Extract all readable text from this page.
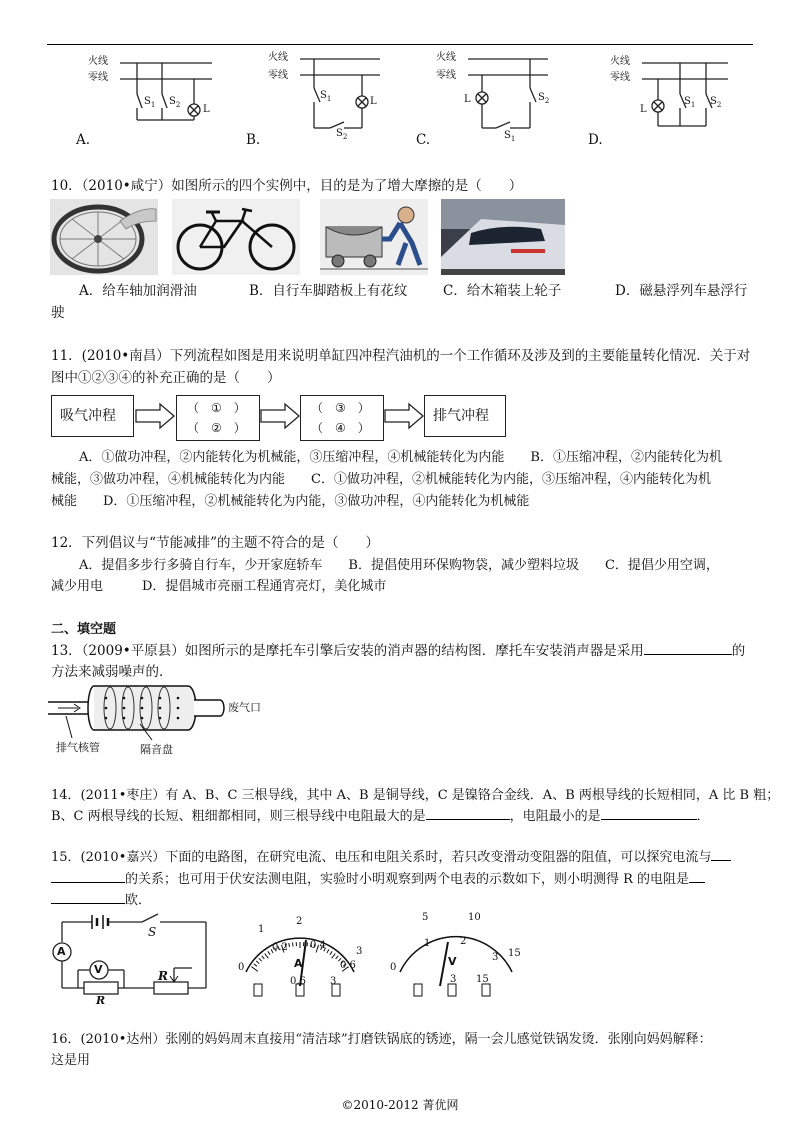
火线
零线
$S_1$ $S_2$ L
A.
火线
零线
$S_1$
$S_2$
L
B.
火线
零线
L
$S_1$
$S_2$
C.
火线
零线
L
$S_1$ $S_2$
D.
10．（2010•咸宁）如图所示的四个实例中，目的是为了增大摩擦的是（　　）
A．给车轴加润滑油	B．自行车脚踏板上有花纹	C．给木箱装上轮子	D．磁悬浮列车悬浮行
驶
11．(2010•南昌）下列流程如图是用来说明单缸四冲程汽油机的一个工作循环及涉及到的主要能量转化情况．关于对
图中①②③④的补充正确的是（　　）
吸气冲程	（　①　）
（　②　）
（　③　）
（　④　）
排气冲程
A．①做功冲程，②内能转化为机械能，③压缩冲程，④机械能转化为内能　　B．①压缩冲程，②内能转化为机
械能，③做功冲程，④机械能转化为内能　　C．①做功冲程，②机械能转化为内能，③压缩冲程，④内能转化为机
械能　　D．①压缩冲程，②机械能转化为内能，③做功冲程，④内能转化为机械能
12．下列倡议与“节能减排”的主题不符合的是（　　）
A．提倡多步行多骑自行车，少开家庭轿车　　B．提倡使用环保购物袋，减少塑料垃圾　　C．提倡少用空调，
减少用电　　　D．提倡城市亮丽工程通宵亮灯，美化城市
二、填空题
13．（2009•平原县）如图所示的是摩托车引擎后安装的消声器的结构图．摩托车安装消声器是采用	的
方法来减弱噪声的．
废气口
排气核管	隔音盘
14．(2011•枣庄）有 A、B、C 三根导线，其中 A、B 是铜导线，C 是镍铬合金线．A、B 两根导线的长短相同，A 比 B 粗；
B、C 两根导线的长短、粗细都相同，则三根导线中电阻最大的是	，电阻最小的是	．
15．(2010•嘉兴）下面的电路图，在研究电流、电压和电阻关系时，若只改变滑动变阻器的阻值，可以探究电流与
的关系；也可用于伏安法测电阻，实验时小明观察到两个电表的示数如下，则小明测得 R 的电阻是
欧．
A
V
R
R
S
0
0.2 0.4
0.6
1
2
3
A
0.6 3
0
5	10
15
1	2
3
V
3 15
16．(2010•达州）张刚的妈妈周末直接用“清洁球”打磨铁锅底的锈迹，隔一会儿感觉铁锅发烫．张刚向妈妈解释：
这是用
©2010-2012 菁优网
